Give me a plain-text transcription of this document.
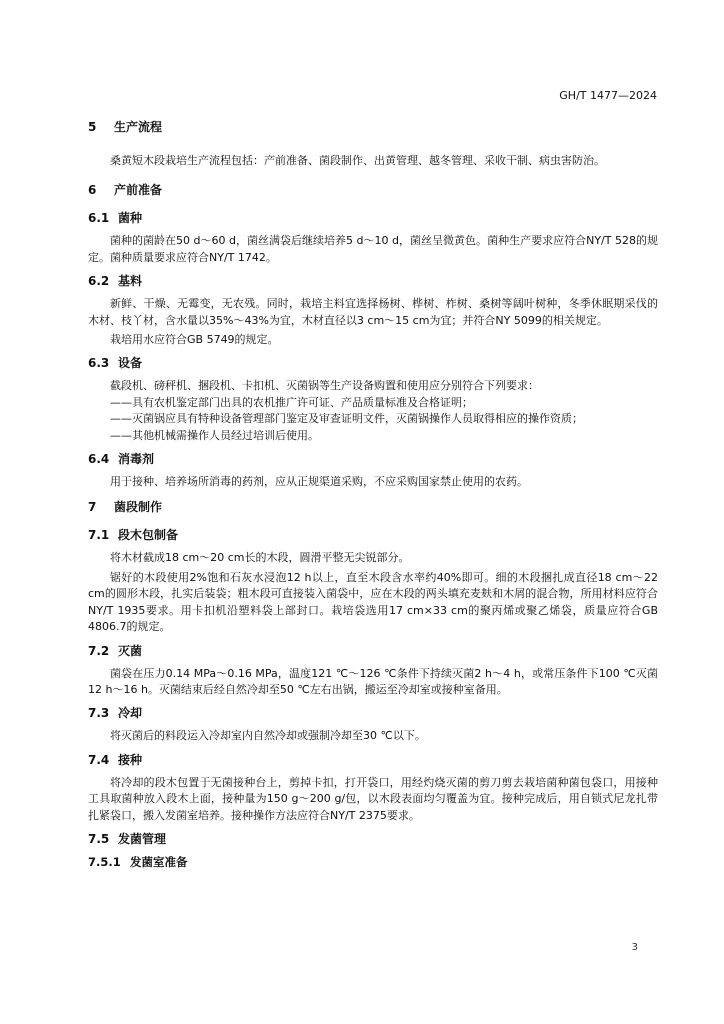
GH/T 1477—2024
5 生产流程

桑黄短木段栽培生产流程包括：产前准备、菌段制作、出黄管理、越冬管理、采收干制、病虫害防治。

6 产前准备
6.1 菌种

菌种的菌龄在50 d～60 d，菌丝满袋后继续培养5 d～10 d，菌丝呈微黄色。菌种生产要求应符合NY/T 528的规定。菌种质量要求应符合NY/T 1742。

6.2 基料

新鲜、干燥、无霉变，无农残。同时，栽培主料宜选择杨树、桦树、柞树、桑树等阔叶树种，冬季休眠期采伐的木材、枝丫材，含水量以35%～43%为宜，木材直径以3 cm～15 cm为宜；并符合NY 5099的相关规定。

栽培用水应符合GB 5749的规定。

6.3 设备

截段机、磅秤机、捆段机、卡扣机、灭菌锅等生产设备购置和使用应分别符合下列要求：

——具有农机鉴定部门出具的农机推广许可证、产品质量标准及合格证明；

——灭菌锅应具有特种设备管理部门鉴定及审查证明文件，灭菌锅操作人员取得相应的操作资质；

——其他机械需操作人员经过培训后使用。

6.4 消毒剂

用于接种、培养场所消毒的药剂，应从正规渠道采购，不应采购国家禁止使用的农药。

7 菌段制作
7.1 段木包制备

将木材截成18 cm～20 cm长的木段，圆滑平整无尖锐部分。

锯好的木段使用2%饱和石灰水浸泡12 h以上，直至木段含水率约40%即可。细的木段捆扎成直径18 cm～22 cm的圆形木段，扎实后装袋；粗木段可直接装入菌袋中，应在木段的两头填充麦麸和木屑的混合物，所用材料应符合NY/T 1935要求。用卡扣机沿塑料袋上部封口。栽培袋选用17 cm×33 cm的聚丙烯或聚乙烯袋，质量应符合GB 4806.7的规定。

7.2 灭菌

菌袋在压力0.14 MPa～0.16 MPa，温度121 ℃～126 ℃条件下持续灭菌2 h～4 h，或常压条件下100 ℃灭菌12 h～16 h。灭菌结束后经自然冷却至50 ℃左右出锅，搬运至冷却室或接种室备用。

7.3 冷却

将灭菌后的料段运入冷却室内自然冷却或强制冷却至30 ℃以下。

7.4 接种

将冷却的段木包置于无菌接种台上，剪掉卡扣，打开袋口，用经灼烧灭菌的剪刀剪去栽培菌种菌包袋口，用接种工具取菌种放入段木上面，接种量为150 g～200 g/包，以木段表面均匀覆盖为宜。接种完成后，用自锁式尼龙扎带扎紧袋口，搬入发菌室培养。接种操作方法应符合NY/T 2375要求。

7.5 发菌管理
7.5.1 发菌室准备
3
